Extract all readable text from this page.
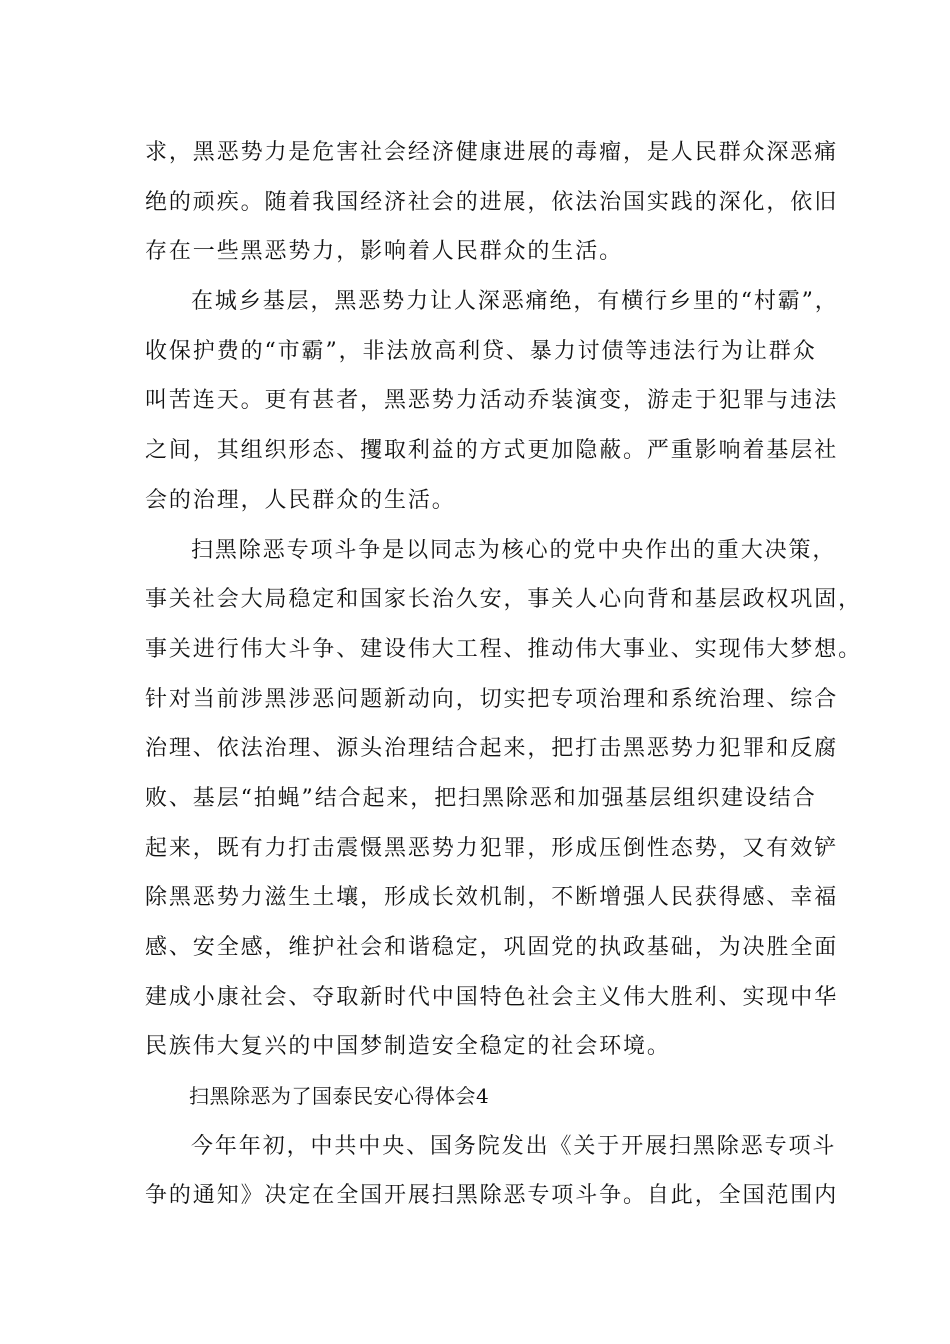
求，黑恶势力是危害社会经济健康进展的毒瘤，是人民群众深恶痛
绝的顽疾。随着我国经济社会的进展，依法治国实践的深化，依旧
存在一些黑恶势力，影响着人民群众的生活。

在城乡基层，黑恶势力让人深恶痛绝，有横行乡里的“村霸”，
收保护费的“市霸”，非法放高利贷、暴力讨债等违法行为让群众
叫苦连天。更有甚者，黑恶势力活动乔装演变，游走于犯罪与违法
之间，其组织形态、攫取利益的方式更加隐蔽。严重影响着基层社
会的治理，人民群众的生活。

扫黑除恶专项斗争是以同志为核心的党中央作出的重大决策，
事关社会大局稳定和国家长治久安，事关人心向背和基层政权巩固，
事关进行伟大斗争、建设伟大工程、推动伟大事业、实现伟大梦想。
针对当前涉黑涉恶问题新动向，切实把专项治理和系统治理、综合
治理、依法治理、源头治理结合起来，把打击黑恶势力犯罪和反腐
败、基层“拍蝇”结合起来，把扫黑除恶和加强基层组织建设结合
起来，既有力打击震慑黑恶势力犯罪，形成压倒性态势，又有效铲
除黑恶势力滋生土壤，形成长效机制，不断增强人民获得感、幸福
感、安全感，维护社会和谐稳定，巩固党的执政基础，为决胜全面
建成小康社会、夺取新时代中国特色社会主义伟大胜利、实现中华
民族伟大复兴的中国梦制造安全稳定的社会环境。

扫黑除恶为了国泰民安心得体会4

今年年初，中共中央、国务院发出《关于开展扫黑除恶专项斗
争的通知》决定在全国开展扫黑除恶专项斗争。自此，全国范围内
